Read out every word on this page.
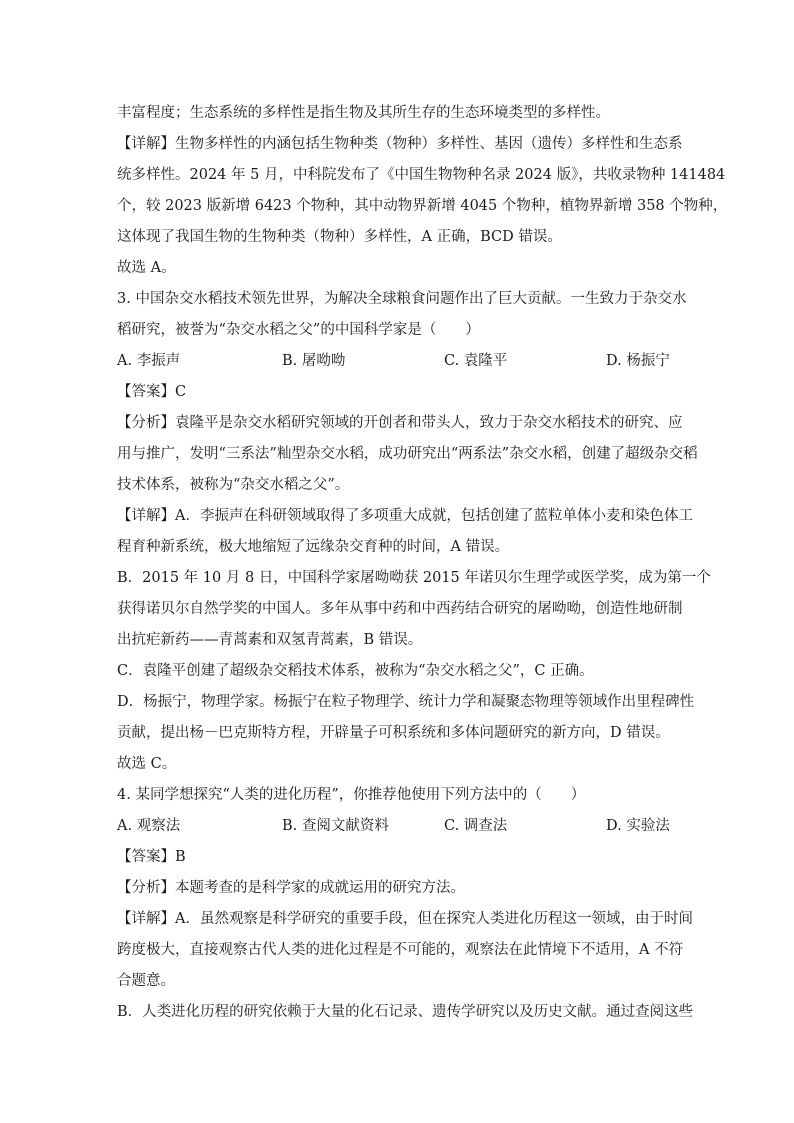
丰富程度；生态系统的多样性是指生物及其所生存的生态环境类型的多样性。
【详解】生物多样性的内涵包括生物种类（物种）多样性、基因（遗传）多样性和生态系
统多样性。2024 年 5 月，中科院发布了《中国生物物种名录 2024 版》，共收录物种 141484
个，较 2023 版新增 6423 个物种，其中动物界新增 4045 个物种，植物界新增 358 个物种，
这体现了我国生物的生物种类（物种）多样性，A 正确，BCD 错误。
故选 A。
3. 中国杂交水稻技术领先世界，为解决全球粮食问题作出了巨大贡献。一生致力于杂交水
稻研究，被誉为“杂交水稻之父”的中国科学家是（　　）
A. 李振声	B. 屠呦呦	C. 袁隆平	D. 杨振宁
【答案】C
【分析】袁隆平是杂交水稻研究领域的开创者和带头人，致力于杂交水稻技术的研究、应
用与推广，发明“三系法”籼型杂交水稻，成功研究出“两系法”杂交水稻，创建了超级杂交稻
技术体系，被称为“杂交水稻之父”。
【详解】A．李振声在科研领域取得了多项重大成就，包括创建了蓝粒单体小麦和染色体工
程育种新系统，极大地缩短了远缘杂交育种的时间，A 错误。
B．2015 年 10 月 8 日，中国科学家屠呦呦获 2015 年诺贝尔生理学或医学奖，成为第一个
获得诺贝尔自然学奖的中国人。多年从事中药和中西药结合研究的屠呦呦，创造性地研制
出抗疟新药——青蒿素和双氢青蒿素，B 错误。
C．袁隆平创建了超级杂交稻技术体系，被称为“杂交水稻之父”，C 正确。
D．杨振宁，物理学家。杨振宁在粒子物理学、统计力学和凝聚态物理等领域作出里程碑性
贡献，提出杨－巴克斯特方程，开辟量子可积系统和多体问题研究的新方向，D 错误。
故选 C。
4. 某同学想探究“人类的进化历程”，你推荐他使用下列方法中的（　　）
A. 观察法	B. 查阅文献资料	C. 调查法	D. 实验法
【答案】B
【分析】本题考查的是科学家的成就运用的研究方法。
【详解】A．虽然观察是科学研究的重要手段，但在探究人类进化历程这一领域，由于时间
跨度极大，直接观察古代人类的进化过程是不可能的，观察法在此情境下不适用，A 不符
合题意。
B．人类进化历程的研究依赖于大量的化石记录、遗传学研究以及历史文献。通过查阅这些
